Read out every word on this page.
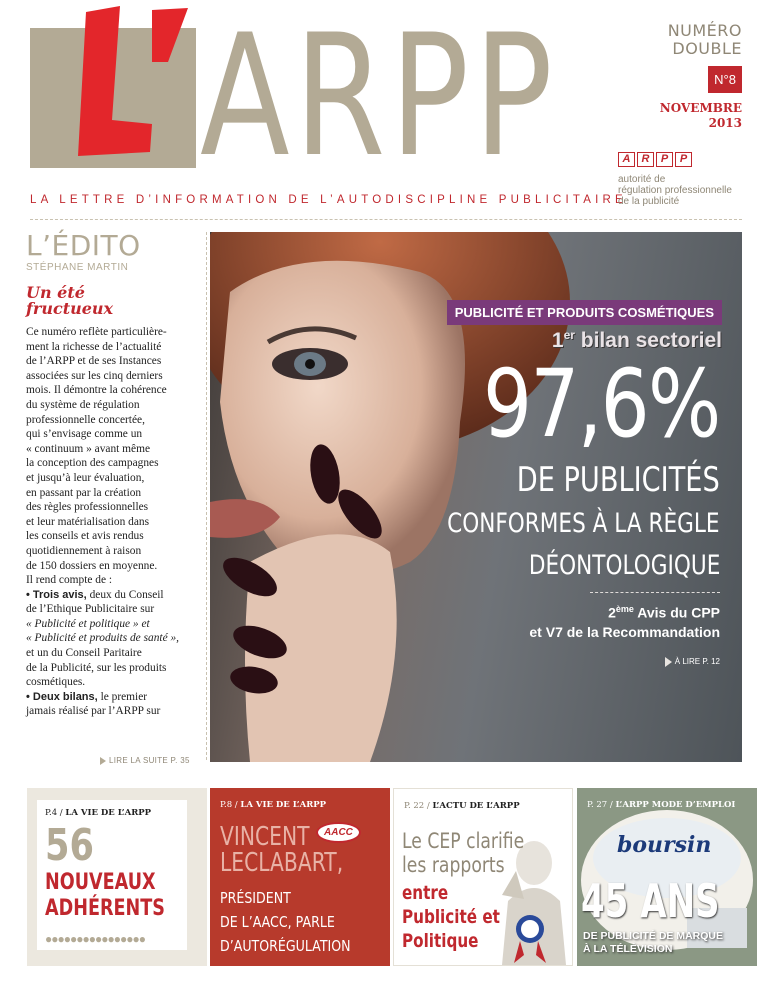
ARPP
LA LETTRE D’INFORMATION DE L’AUTODISCIPLINE PUBLICITAIRE
NUMÉRO
DOUBLE
N°8
NOVEMBRE
2013
A	R	P	P
autorité de
régulation professionnelle
de la publicité
L’ÉDITO
STÉPHANE MARTIN
Un été
fructueux

Ce numéro reflète particulière-

ment la richesse de l’actualité

de l’ARPP et de ses Instances

associées sur les cinq derniers

mois. Il démontre la cohérence

du système de régulation

professionnelle concertée,

qui s’envisage comme un

« continuum » avant même

la conception des campagnes

et jusqu’à leur évaluation,

en passant par la création

des règles professionnelles

et leur matérialisation dans

les conseils et avis rendus

quotidiennement à raison

de 150 dossiers en moyenne.

Il rend compte de :

• Trois avis, deux du Conseil

de l’Ethique Publicitaire sur

« Publicité et politique » et

« Publicité et produits de santé »,

et un du Conseil Paritaire

de la Publicité, sur les produits

cosmétiques.

• Deux bilans, le premier

jamais réalisé par l’ARPP sur

LIRE LA SUITE P. 35
PUBLICITÉ ET PRODUITS COSMÉTIQUES
1er bilan sectoriel
97,6%
DE PUBLICITÉS
CONFORMES À LA RÈGLE
DÉONTOLOGIQUE
2ème Avis du CPP
et V7 de la Recommandation
À LIRE P. 12
P.4 / LA VIE DE L’ARPP
56
NOUVEAUX
ADHÉRENTS
●●●●●●●●●●●●●●●●
P.8 / LA VIE DE L’ARPP
VINCENT
LECLABART,
AACC
PRÉSIDENT
DE L’AACC, PARLE
D’AUTORÉGULATION
P. 22 / L’ACTU DE L’ARPP
Le CEP clarifie
les rapports
entre
Publicité et
Politique
boursin
P. 27 / L’ARPP MODE D’EMPLOI
45 ANS
DE PUBLICITÉ DE MARQUE
À LA TÉLÉVISION
